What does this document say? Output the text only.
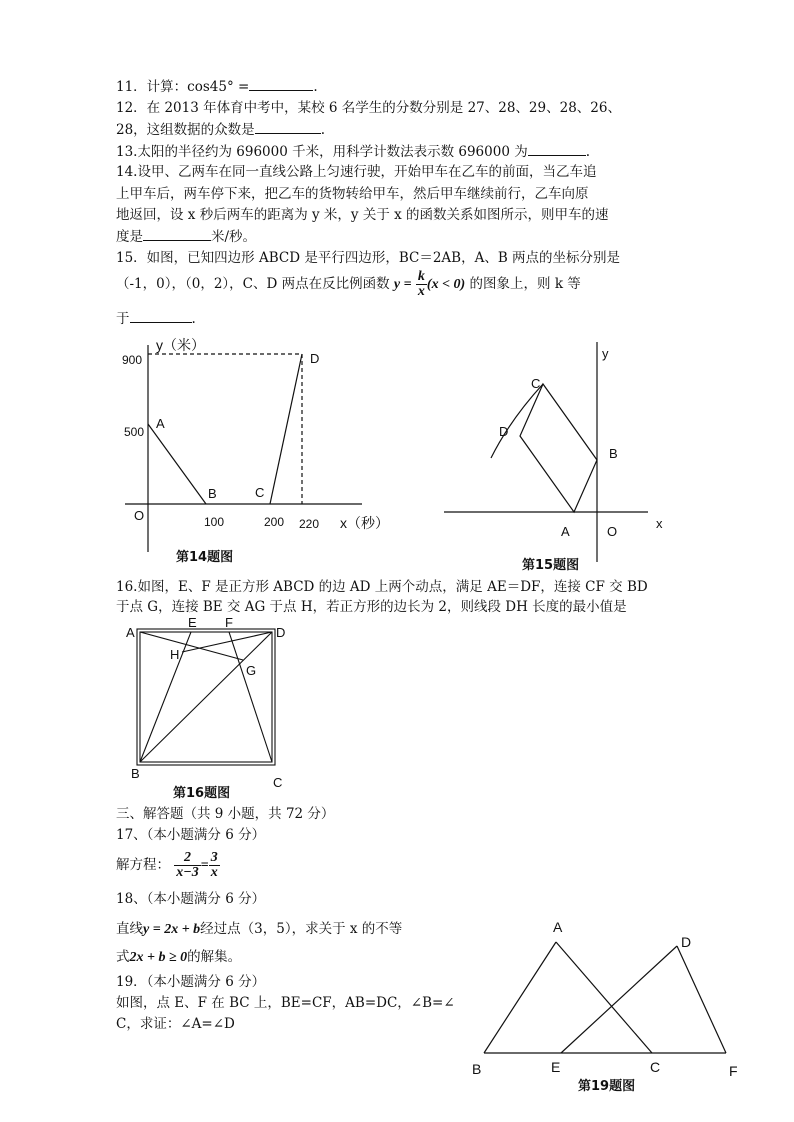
11．计算：cos45° =	.
12．在 2013 年体育中考中，某校 6 名学生的分数分别是 27、28、29、28、26、
28，这组数据的众数是	.
13.太阳的半径约为 696000 千米，用科学计数法表示数 696000 为	.
14.设甲、乙两车在同一直线公路上匀速行驶，开始甲车在乙车的前面，当乙车追
上甲车后，两车停下来，把乙车的货物转给甲车，然后甲车继续前行，乙车向原
地返回，设 x 秒后两车的距离为 y 米，y 关于 x 的函数关系如图所示，则甲车的速
度是	米/秒。
15．如图，已知四边形 ABCD 是平行四边形，BC＝2AB，A、B 两点的坐标分别是
（-1，0），（0，2），C、D 两点在反比例函数 $y = \frac{k}{x} (x < 0)$ 的图象上，则 k 等
于	.
y（米）
x（秒）
O
900
500
100	200 220
A
B	C
D
第14题图
y
x
O
A
B
C
D
第15题图
16.如图，E、F 是正方形 ABCD 的边 AD 上两个动点，满足 AE＝DF，连接 CF 交 BD
于点 G，连接 BE 交 AG 于点 H，若正方形的边长为 2，则线段 DH 长度的最小值是
A
E F
D
H
G
B
C
第16题图
三、解答题（共 9 小题，共 72 分）
17、（本小题满分 6 分）
解方程： $\frac{2}{x-3} = \frac{3}{x}$
18、（本小题满分 6 分）
直线y = 2x + b经过点（3，5），求关于 x 的不等
式2x + b ≥ 0的解集。
19．（本小题满分 6 分）
如图，点 E、F 在 BC 上，BE=CF，AB=DC，∠B=∠
C，求证：∠A=∠D
A
D
B	E	C	F
第19题图
